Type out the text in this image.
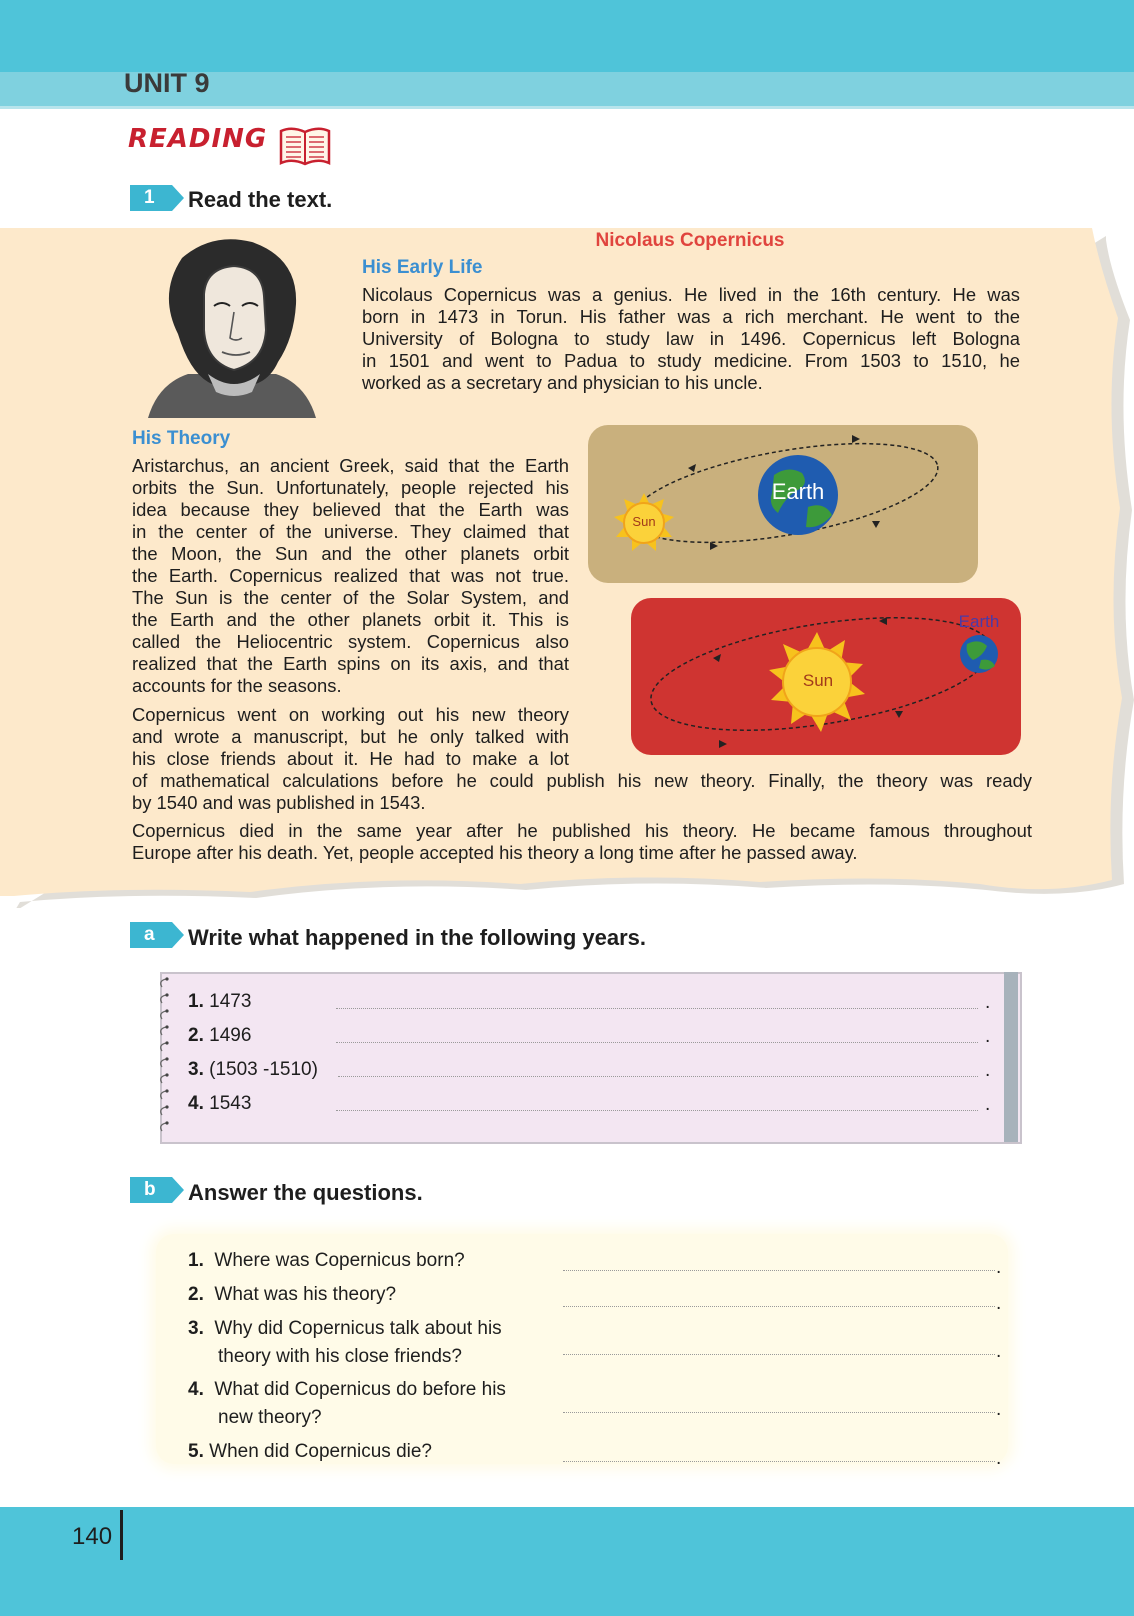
UNIT 9
READING
1	Read the text.
Nicolaus Copernicus
His Early Life
Nicolaus Copernicus was a genius. He lived in the 16th century. He was
born in 1473 in Torun. His father was a rich merchant. He went to the
University of Bologna to study law in 1496. Copernicus left Bologna
in 1501 and went to Padua to study medicine. From 1503 to 1510, he
worked as a secretary and physician to his uncle.
His Theory
Aristarchus, an ancient Greek, said that the Earth
orbits the Sun. Unfortunately, people rejected his
idea because they believed that the Earth was
in the center of the universe. They claimed that
the Moon, the Sun and the other planets orbit
the Earth. Copernicus realized that was not true.
The Sun is the center of the Solar System, and
the Earth and the other planets orbit it. This is
called the Heliocentric system. Copernicus also
realized that the Earth spins on its axis, and that
accounts for the seasons.
Copernicus went on working out his new theory
and wrote a manuscript, but he only talked with
his close friends about it. He had to make a lot
of mathematical calculations before he could publish his new theory. Finally, the theory was ready
by 1540 and was published in 1543.
Copernicus died in the same year after he published his theory. He became famous throughout
Europe after his death. Yet, people accepted his theory a long time after he passed away.
Earth
Sun
Earth
Sun
a	Write what happened in the following years.
1. 1473	.
2. 1496	.
3. (1503 -1510)	.
4. 1543	.
b	Answer the questions.
1. Where was Copernicus born?	.
2. What was his theory?	.
3. Why did Copernicus talk about his
theory with his close friends?	.
4. What did Copernicus do before his
new theory?	.
5. When did Copernicus die?	.
140
